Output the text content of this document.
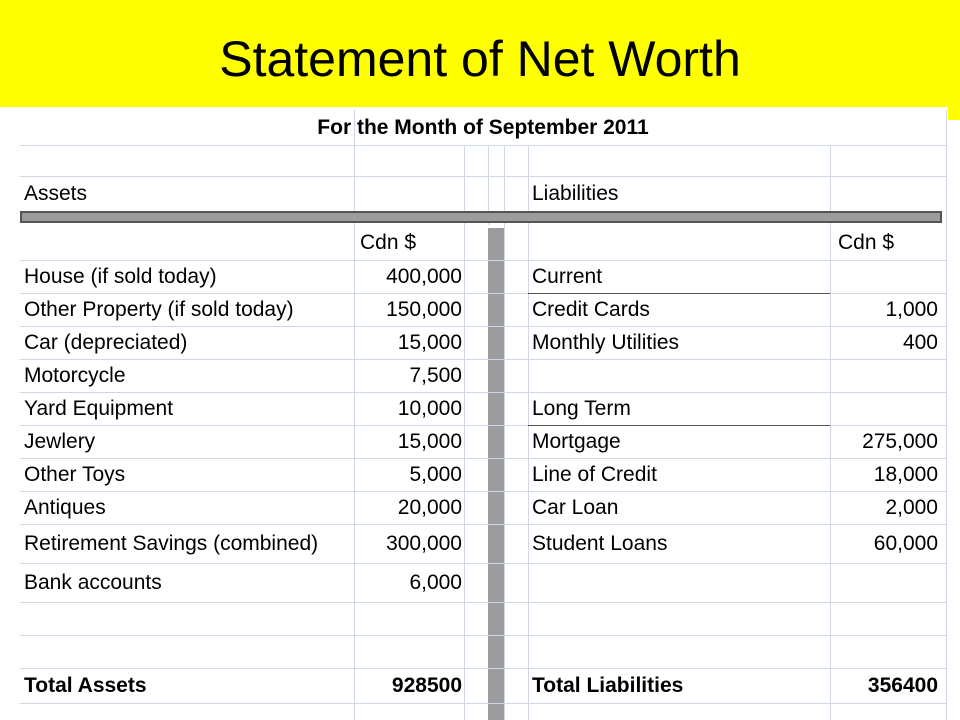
Statement of Net Worth
For the Month of September 2011
Assets	Liabilities
Cdn $	Cdn $
House (if sold today)	400,000	Current
Other Property (if sold today)	150,000	Credit Cards	1,000
Car (depreciated)	15,000	Monthly Utilities	400
Motorcycle	7,500
Yard Equipment	10,000	Long Term
Jewlery	15,000	Mortgage	275,000
Other Toys	5,000	Line of Credit	18,000
Antiques	20,000	Car Loan	2,000
Retirement Savings (combined)	300,000	Student Loans	60,000
Bank accounts	6,000
Total Assets	928500	Total Liabilities	356400
